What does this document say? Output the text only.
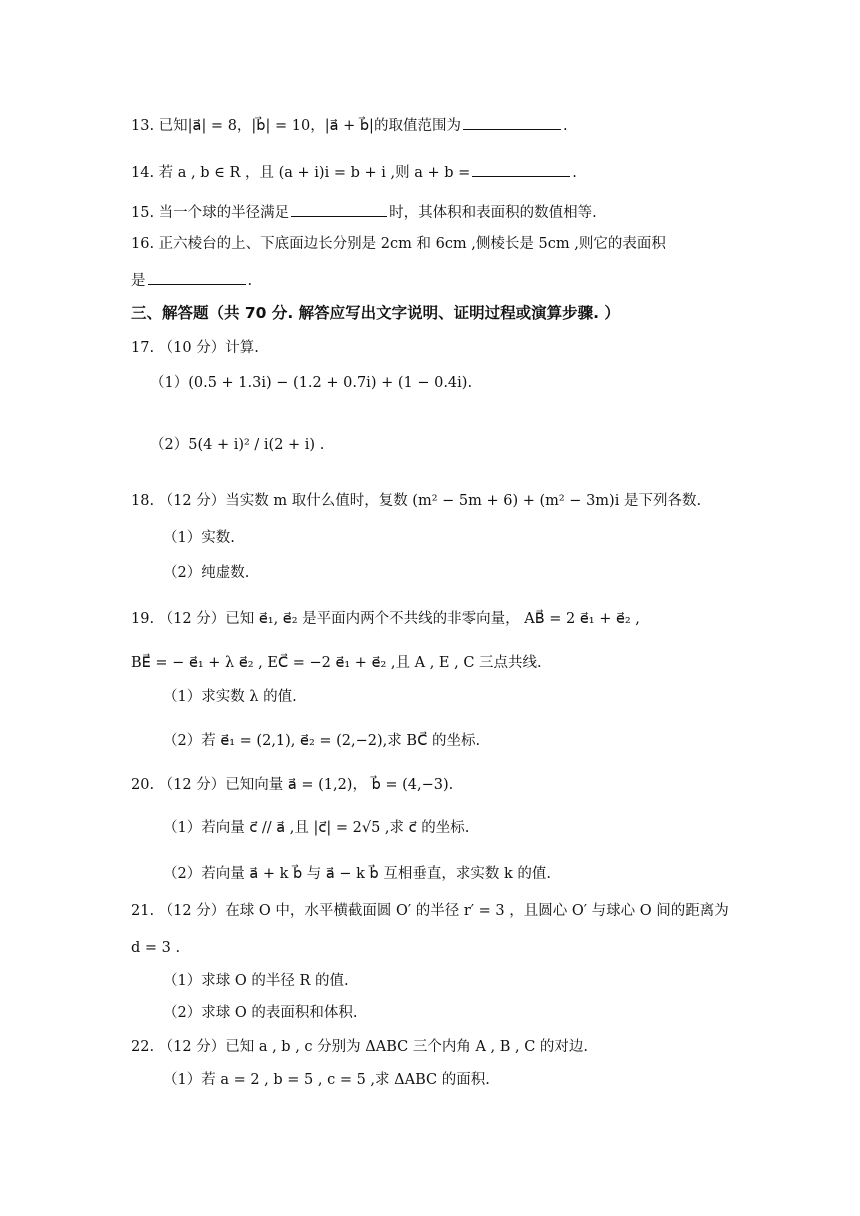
13. 已知|a⃗| = 8，|b⃗| = 10，|a⃗ + b⃗|的取值范围为	.
14. 若 a , b ∈ R ，且 (a + i)i = b + i ,则 a + b =	.
15. 当一个球的半径满足	时，其体积和表面积的数值相等.
16. 正六棱台的上、下底面边长分别是 2cm 和 6cm ,侧棱长是 5cm ,则它的表面积
是	.
三、解答题（共 70 分. 解答应写出文字说明、证明过程或演算步骤. ）
17. （10 分）计算.
（1）(0.5 + 1.3i) − (1.2 + 0.7i) + (1 − 0.4i).
（2）5(4 + i)² / i(2 + i) .
18. （12 分）当实数 m 取什么值时，复数 (m² − 5m + 6) + (m² − 3m)i 是下列各数.
（1）实数.
（2）纯虚数.
19. （12 分）已知 e⃗₁, e⃗₂ 是平面内两个不共线的非零向量， AB⃗ = 2 e⃗₁ + e⃗₂ ,
BE⃗ = − e⃗₁ + λ e⃗₂ , EC⃗ = −2 e⃗₁ + e⃗₂ ,且 A , E , C 三点共线.
（1）求实数 λ 的值.
（2）若 e⃗₁ = (2,1), e⃗₂ = (2,−2),求 BC⃗ 的坐标.
20. （12 分）已知向量 a⃗ = (1,2)， b⃗ = (4,−3).
（1）若向量 c⃗ // a⃗ ,且 |c⃗| = 2√5 ,求 c⃗ 的坐标.
（2）若向量 a⃗ + k b⃗ 与 a⃗ − k b⃗ 互相垂直，求实数 k 的值.
21. （12 分）在球 O 中，水平横截面圆 O′ 的半径 r′ = 3 ，且圆心 O′ 与球心 O 间的距离为
d = 3 .
（1）求球 O 的半径 R 的值.
（2）求球 O 的表面积和体积.
22. （12 分）已知 a , b , c 分别为 ΔABC 三个内角 A , B , C 的对边.
（1）若 a = 2 , b = 5 , c = 5 ,求 ΔABC 的面积.
